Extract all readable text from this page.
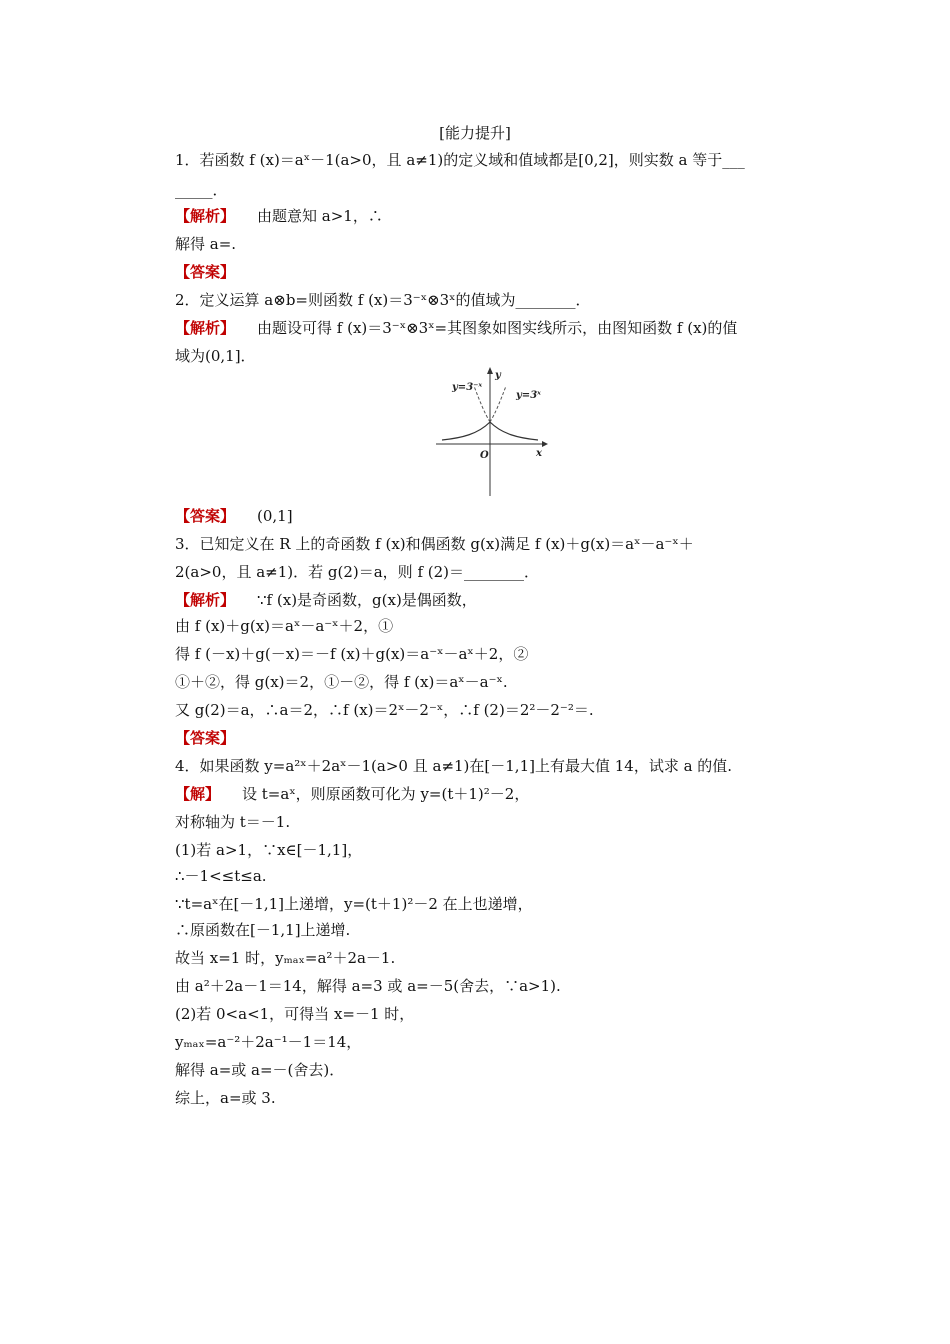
[能力提升]
1．若函数 f (x)＝aˣ－1(a>0，且 a≠1)的定义域和值域都是[0,2]，则实数 a 等于___
_____．
【解析】 由题意知 a>1，∴
解得 a=.
【答案】
2．定义运算 a⊗b=则函数 f (x)＝3⁻ˣ⊗3ˣ的值域为________．
【解析】 由题设可得 f (x)＝3⁻ˣ⊗3ˣ=其图象如图实线所示，由图知函数 f (x)的值
域为(0,1]．
【答案】 (0,1]
3．已知定义在 R 上的奇函数 f (x)和偶函数 g(x)满足 f (x)＋g(x)＝aˣ－a⁻ˣ＋
2(a>0，且 a≠1)．若 g(2)＝a，则 f (2)＝________．
【解析】 ∵f (x)是奇函数，g(x)是偶函数，
由 f (x)＋g(x)＝aˣ－a⁻ˣ＋2，①
得 f (－x)＋g(－x)＝－f (x)＋g(x)＝a⁻ˣ－aˣ＋2，②
①＋②，得 g(x)＝2，①－②，得 f (x)＝aˣ－a⁻ˣ.
又 g(2)＝a，∴a＝2，∴f (x)＝2ˣ－2⁻ˣ，∴f (2)＝2²－2⁻²＝.
【答案】
4．如果函数 y=a²ˣ＋2aˣ－1(a>0 且 a≠1)在[－1,1]上有最大值 14，试求 a 的值.
【解】 设 t=aˣ，则原函数可化为 y=(t＋1)²－2，
对称轴为 t＝－1.
(1)若 a>1，∵x∈[－1,1]，
∴－1<≤t≤a.
∵t=aˣ在[－1,1]上递增，y=(t＋1)²－2 在上也递增，
∴原函数在[－1,1]上递增.
故当 x=1 时，yₘₐₓ=a²＋2a－1.
由 a²＋2a－1＝14，解得 a=3 或 a=－5(舍去，∵a>1).
(2)若 0<a<1，可得当 x=－1 时，
yₘₐₓ=a⁻²＋2a⁻¹－1＝14，
解得 a=或 a=－(舍去)．
综上，a=或 3.
y=3⁻ˣ
y=3ˣ
y
x
O
